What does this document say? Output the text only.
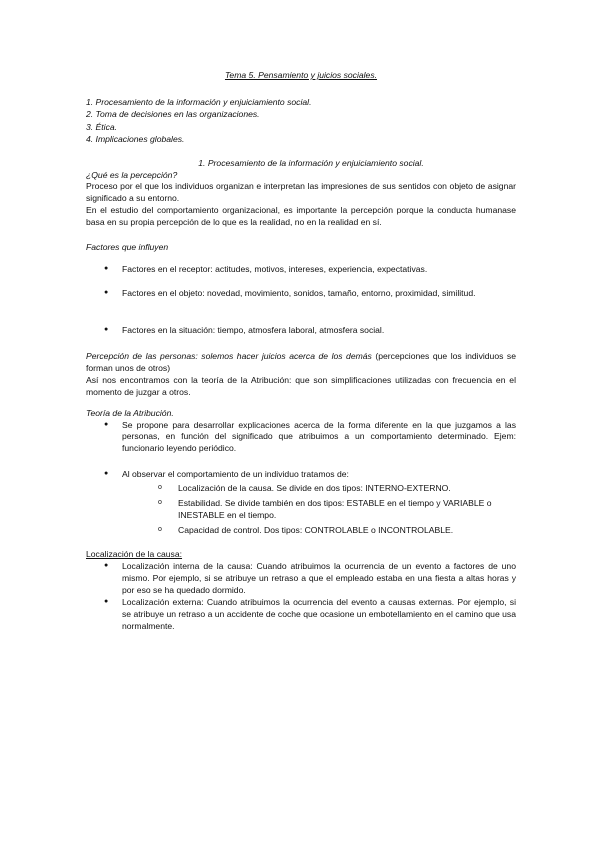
Tema 5. Pensamiento y juicios sociales.
1. Procesamiento de la información y enjuiciamiento social.
2. Toma de decisiones en las organizaciones.
3. Ética.
4. Implicaciones globales.
1. Procesamiento de la información y enjuiciamiento social.
¿Qué es la percepción?

Proceso por el que los individuos organizan e interpretan las impresiones de sus sentidos con objeto de asignar significado a su entorno.

En el estudio del comportamiento organizacional, es importante la percepción porque la conducta humanase basa en su propia percepción de lo que es la realidad, no en la realidad en sí.

Factores que influyen
● Factores en el receptor: actitudes, motivos, intereses, experiencia, expectativas.
● Factores en el objeto: novedad, movimiento, sonidos, tamaño, entorno, proximidad, similitud.
● Factores en la situación: tiempo, atmosfera laboral, atmosfera social.

Percepción de las personas: solemos hacer juicios acerca de los demás (percepciones que los individuos se forman unos de otros)

Así nos encontramos con la teoría de la Atribución: que son simplificaciones utilizadas con frecuencia en el momento de juzgar a otros.

Teoría de la Atribución.
● Se propone para desarrollar explicaciones acerca de la forma diferente en la que juzgamos a las personas, en función del significado que atribuimos a un comportamiento determinado. Ejem: funcionario leyendo periódico.
● Al observar el comportamiento de un individuo tratamos de:
o Localización de la causa. Se divide en dos tipos: INTERNO-EXTERNO.
o Estabilidad. Se divide también en dos tipos: ESTABLE en el tiempo y VARIABLE o INESTABLE en el tiempo.
o Capacidad de control. Dos tipos: CONTROLABLE o INCONTROLABLE.
Localización de la causa:
● Localización interna de la causa: Cuando atribuimos la ocurrencia de un evento a factores de uno mismo. Por ejemplo, si se atribuye un retraso a que el empleado estaba en una fiesta a altas horas y por eso se ha quedado dormido.
● Localización externa: Cuando atribuimos la ocurrencia del evento a causas externas. Por ejemplo, si se atribuye un retraso a un accidente de coche que ocasione un embotellamiento en el camino que usa normalmente.
